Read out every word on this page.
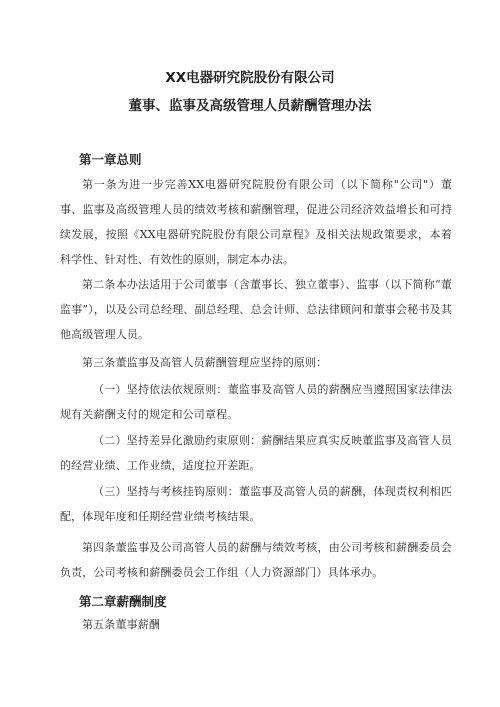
XX电器研究院股份有限公司
董事、监事及高级管理人员薪酬管理办法
第一章总则
第一条为进一步完善XX电器研究院股份有限公司（以下简称"公司"）董事、监事及高级管理人员的绩效考核和薪酬管理，促进公司经济效益增长和可持续发展，按照《XX电器研究院股份有限公司章程》及相关法规政策要求，本着科学性、针对性、有效性的原则，制定本办法。
第二条本办法适用于公司董事（含董事长、独立董事）、监事（以下简称“董监事”），以及公司总经理、副总经理、总会计师、总法律顾问和董事会秘书及其他高级管理人员。
第三条董监事及高管人员薪酬管理应坚持的原则：
（一）坚持依法依规原则：董监事及高管人员的薪酬应当遵照国家法律法规有关薪酬支付的规定和公司章程。
（二）坚持差异化激励约束原则：薪酬结果应真实反映董监事及高管人员的经营业绩、工作业绩，适度拉开差距。
（三）坚持与考核挂钩原则：董监事及高管人员的薪酬，体现责权利相匹配，体现年度和任期经营业绩考核结果。
第四条董监事及公司高管人员的薪酬与绩效考核，由公司考核和薪酬委员会负责，公司考核和薪酬委员会工作组（人力资源部门）具体承办。
第二章薪酬制度
第五条董事薪酬
